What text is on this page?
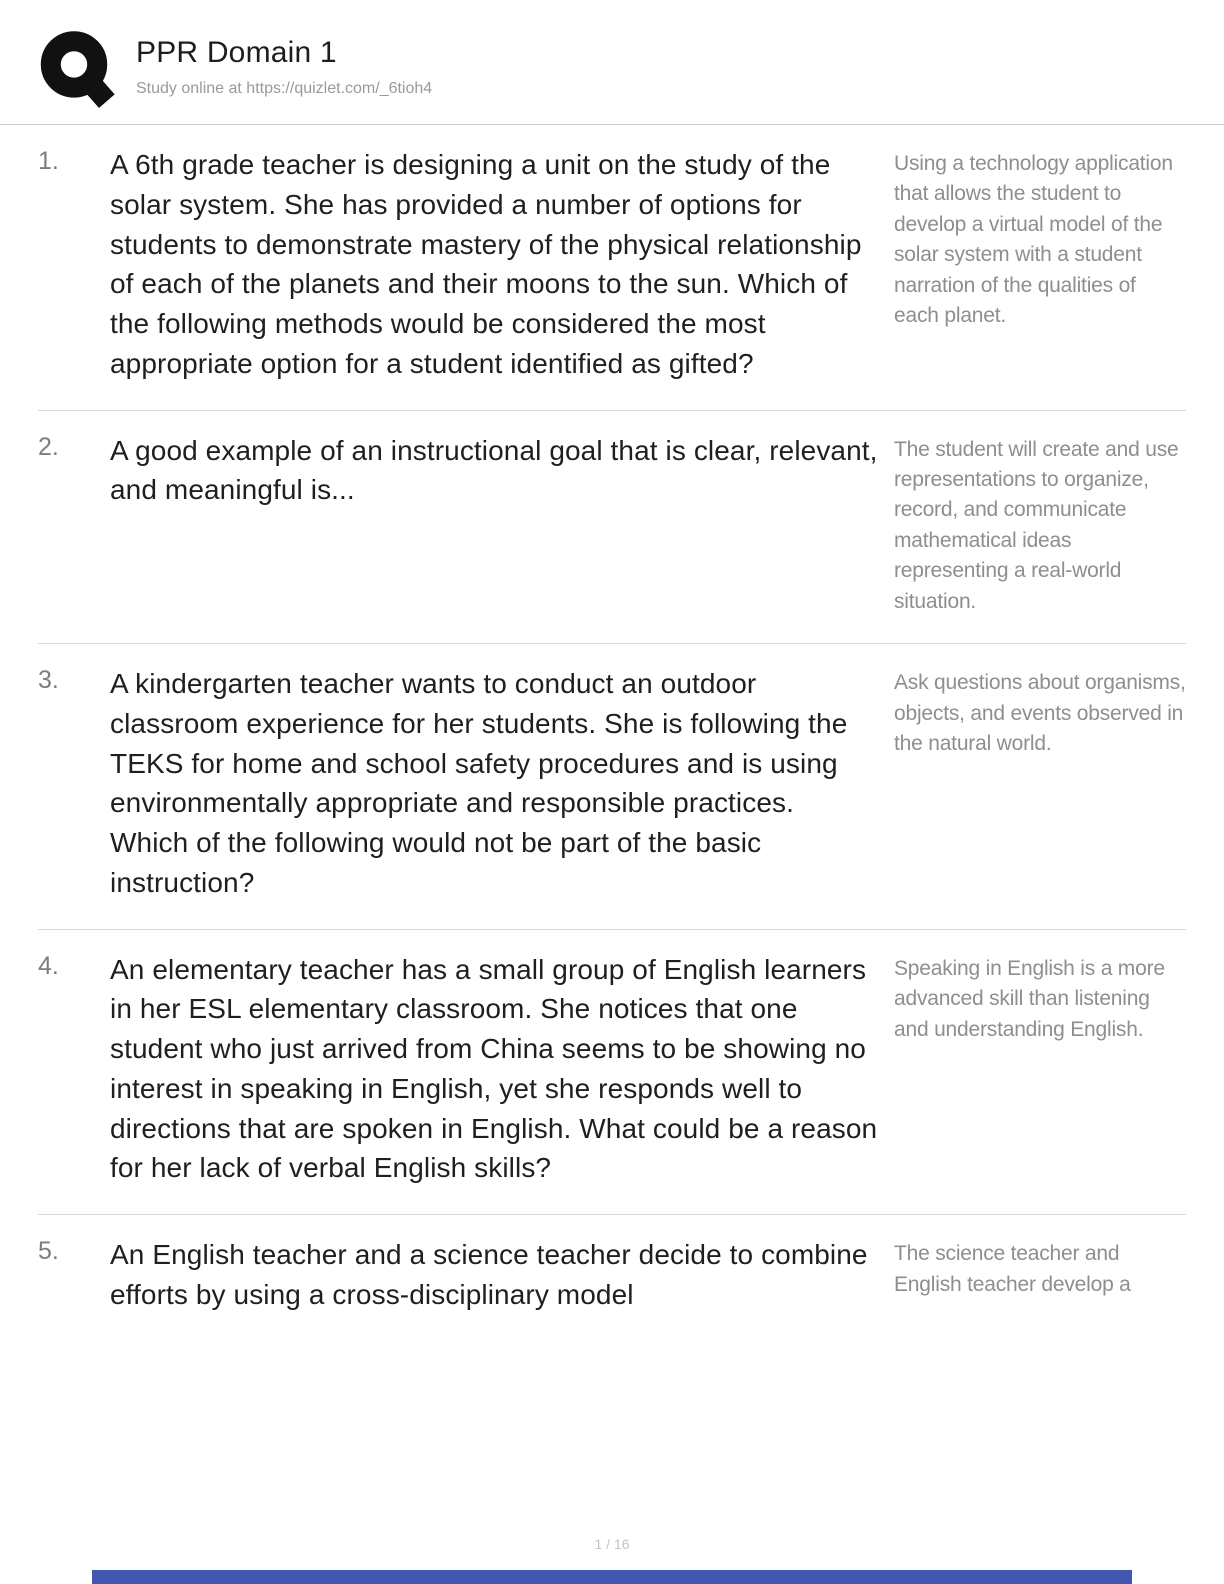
PPR Domain 1
Study online at https://quizlet.com/_6tioh4
1.	A 6th grade teacher is designing a unit on the study of the solar system. She has provided a number of options for students to demonstrate mastery of the physical relationship of each of the planets and their moons to the sun. Which of the following methods would be considered the most appropriate option for a student identified as gifted?
Using a technology application that allows the student to develop a virtual model of the solar system with a student narration of the qualities of each planet.
2.	A good example of an instructional goal that is clear, relevant, and meaningful is...
The student will create and use representations to organize, record, and communicate mathematical ideas representing a real-world situation.
3.	A kindergarten teacher wants to conduct an outdoor classroom experience for her students. She is following the TEKS for home and school safety procedures and is using environmentally appropriate and responsible practices. Which of the following would not be part of the basic instruction?
Ask questions about organisms, objects, and events observed in the natural world.
4.	An elementary teacher has a small group of English learners in her ESL elementary classroom. She notices that one student who just arrived from China seems to be showing no interest in speaking in English, yet she responds well to directions that are spoken in English. What could be a reason for her lack of verbal English skills?
Speaking in English is a more advanced skill than listening and understanding English.
5.	An English teacher and a science teacher decide to combine efforts by using a cross-disciplinary model
The science teacher and English teacher develop a
1 / 16
